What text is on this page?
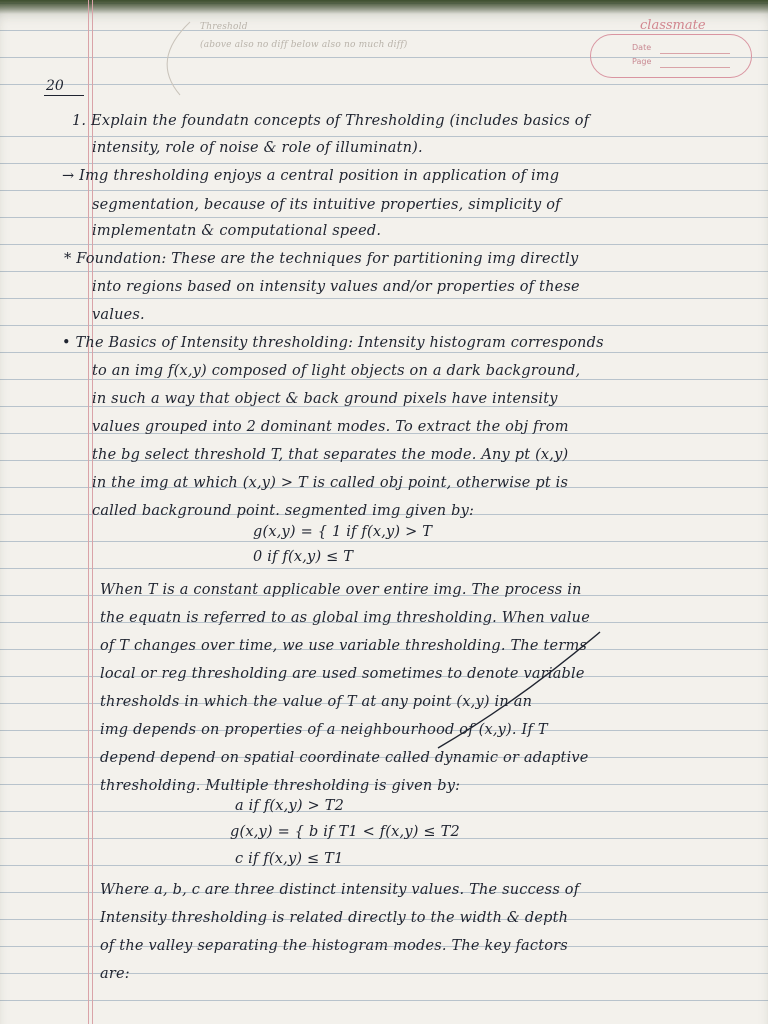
classmate
Date
Page
Threshold
(above also no diff below also no much diff)
20
1. Explain the foundatn concepts of Thresholding (includes basics of
intensity, role of noise & role of illuminatn).
→ Img thresholding enjoys a central position in application of img
segmentation, because of its intuitive properties, simplicity of
implementatn & computational speed.
* Foundation: These are the techniques for partitioning img directly
into regions based on intensity values and/or properties of these
values.
• The Basics of Intensity thresholding: Intensity histogram corresponds
to an img f(x,y) composed of light objects on a dark background,
in such a way that object & back ground pixels have intensity
values grouped into 2 dominant modes. To extract the obj from
the bg select threshold T, that separates the mode. Any pt (x,y)
in the img at which (x,y) > T is called obj point, otherwise pt is
called background point. segmented img given by:
g(x,y) = { 1 if f(x,y) > T
0 if f(x,y) ≤ T
When T is a constant applicable over entire img. The process in
the equatn is referred to as global img thresholding. When value
of T changes over time, we use variable thresholding. The terms
local or reg thresholding are used sometimes to denote variable
thresholds in which the value of T at any point (x,y) in an
img depends on properties of a neighbourhood of (x,y). If T
depend depend on spatial coordinate called dynamic or adaptive
thresholding. Multiple thresholding is given by:
a if f(x,y) > T2
g(x,y) = { b if T1 < f(x,y) ≤ T2
c if f(x,y) ≤ T1
Where a, b, c are three distinct intensity values. The success of
Intensity thresholding is related directly to the width & depth
of the valley separating the histogram modes. The key factors
are:
